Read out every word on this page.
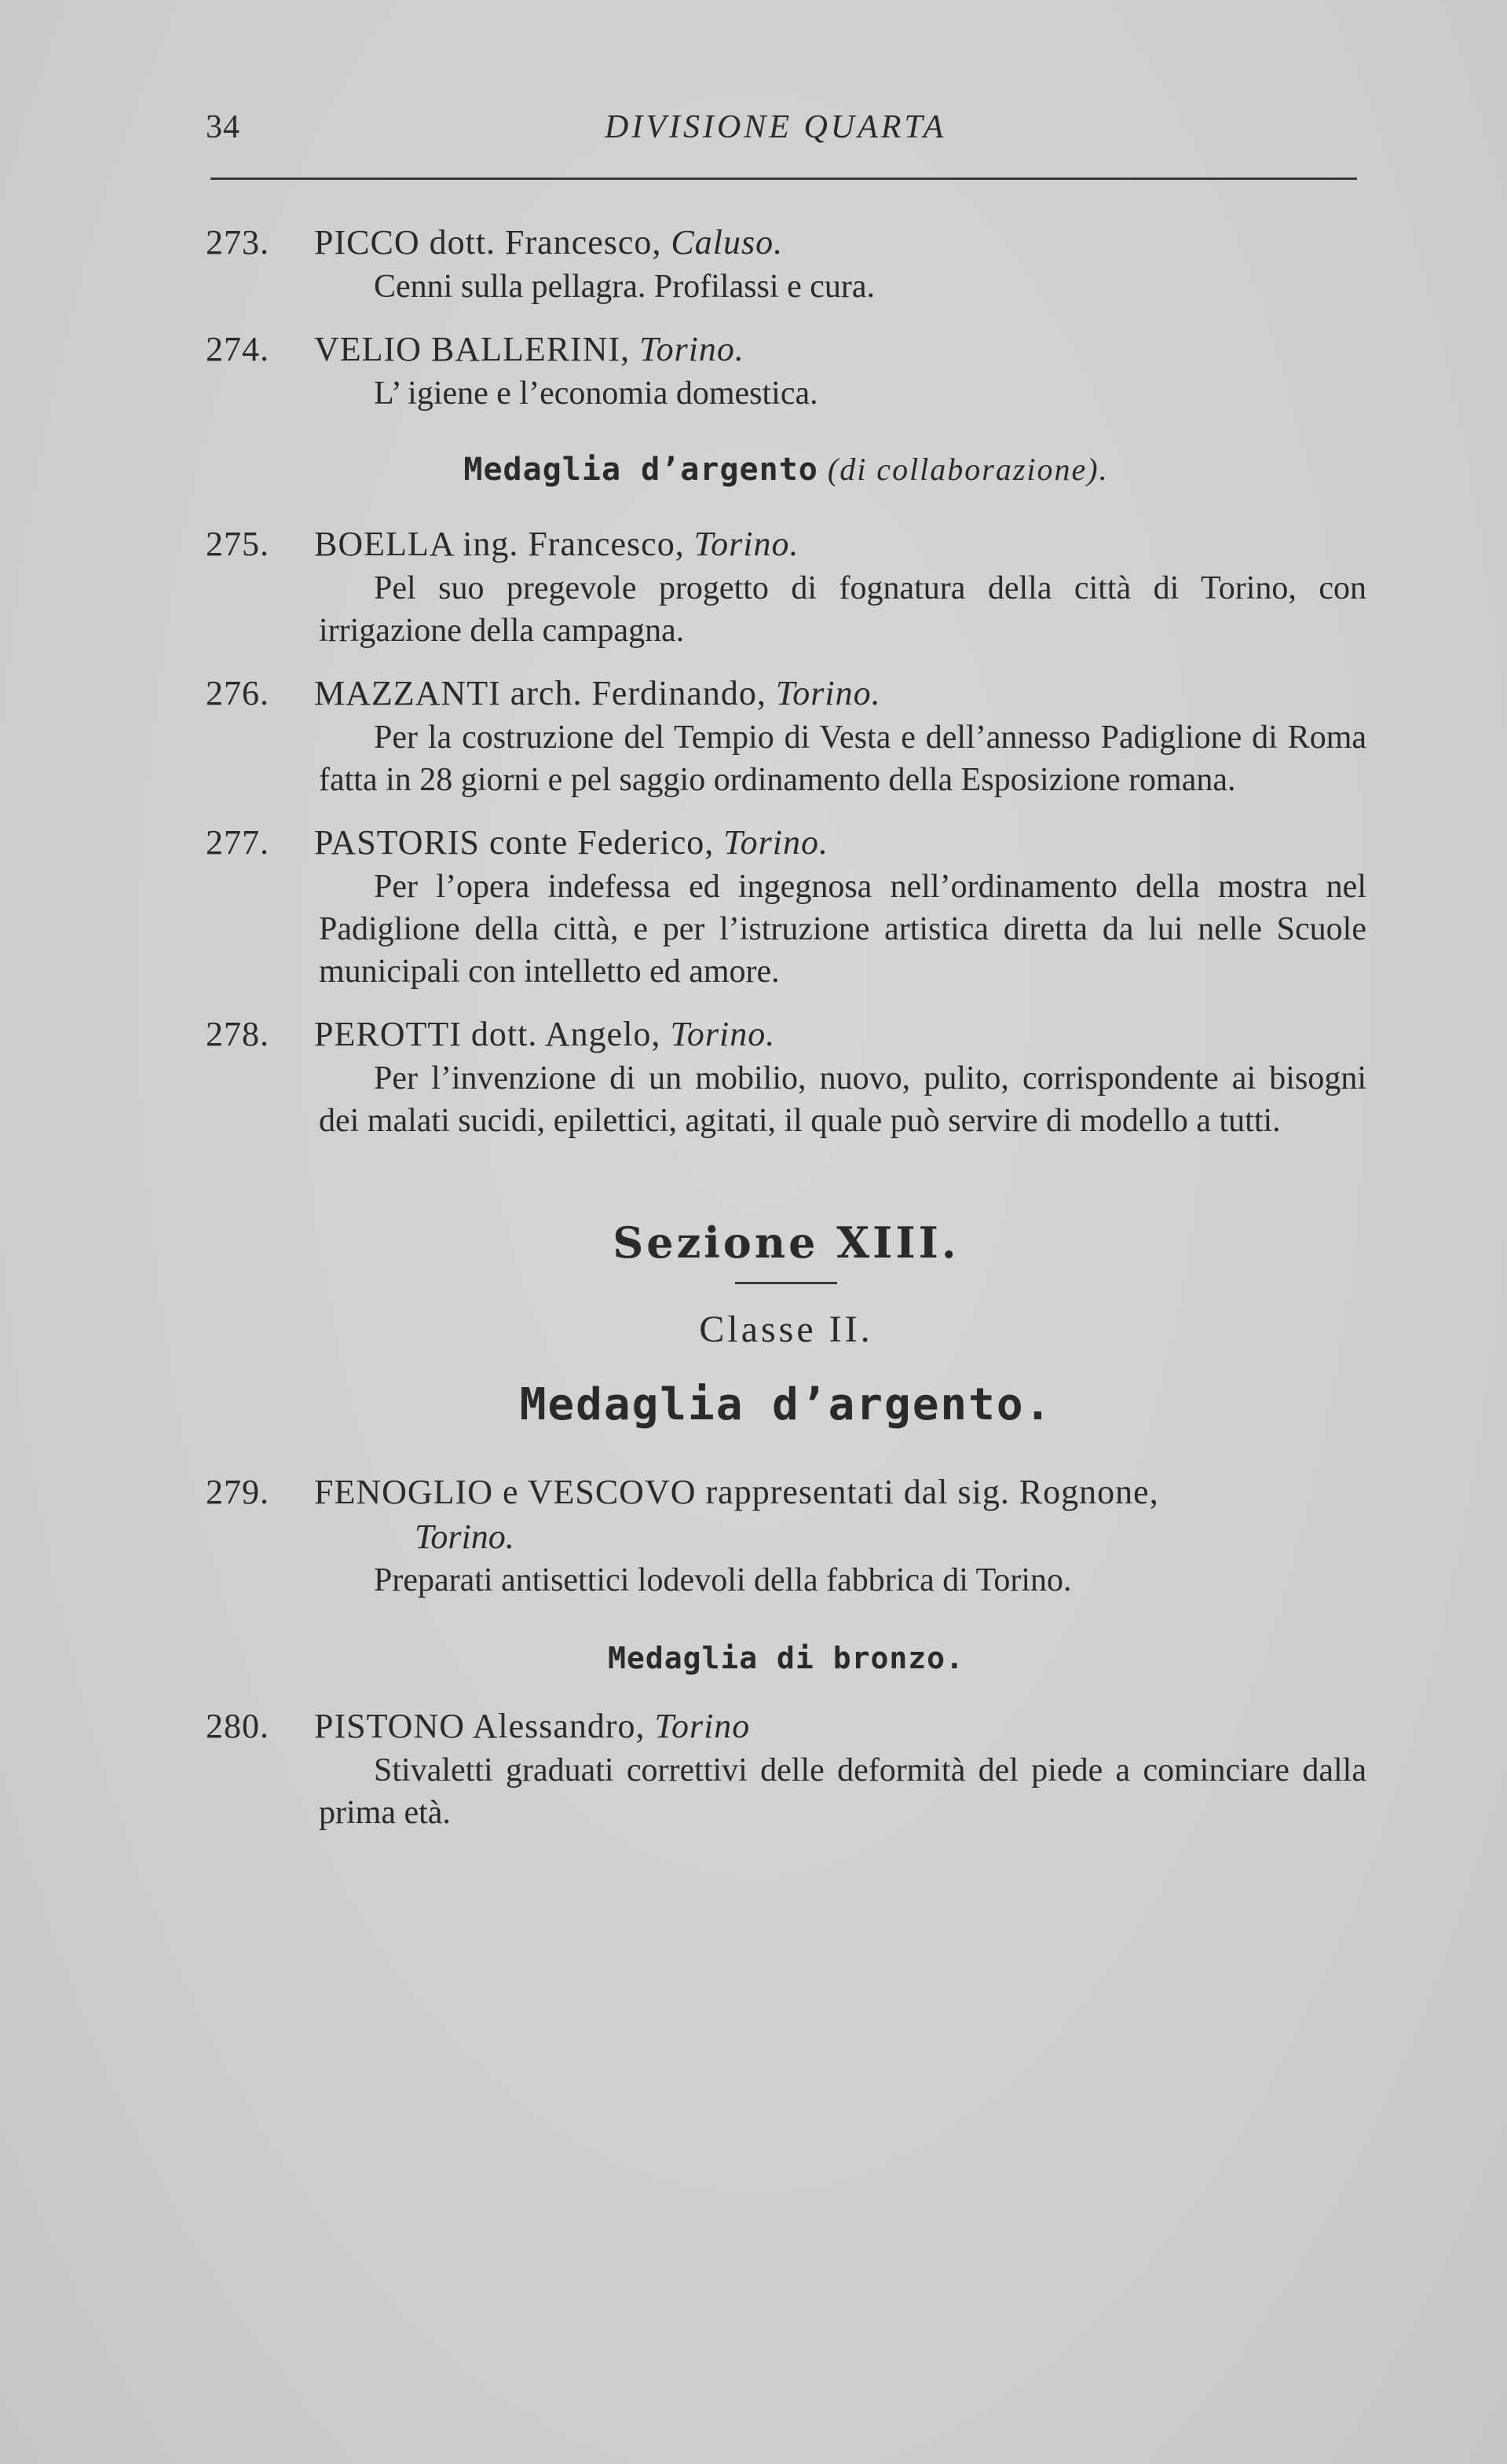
34	DIVISIONE QUARTA
273.	PICCO dott. Francesco, Caluso.
Cenni sulla pellagra. Profilassi e cura.
274.	VELIO BALLERINI, Torino.
L’ igiene e l’economia domestica.
Medaglia d’argento (di collaborazione).
275.	BOELLA ing. Francesco, Torino.
Pel suo pregevole progetto di fognatura della città di Torino, con irrigazione della campagna.
276.	MAZZANTI arch. Ferdinando, Torino.
Per la costruzione del Tempio di Vesta e dell’annesso Padiglione di Roma fatta in 28 giorni e pel saggio ordinamento della Esposizione romana.
277.	PASTORIS conte Federico, Torino.
Per l’opera indefessa ed ingegnosa nell’ordinamento della mostra nel Padiglione della città, e per l’istruzione artistica diretta da lui nelle Scuole municipali con intelletto ed amore.
278.	PEROTTI dott. Angelo, Torino.
Per l’invenzione di un mobilio, nuovo, pulito, corrispondente ai bisogni dei malati sucidi, epilettici, agitati, il quale può servire di modello a tutti.
Sezione XIII.
Classe II.
Medaglia d’argento.
279.	FENOGLIO e VESCOVO rappresentati dal sig. Rognone,
Torino.
Preparati antisettici lodevoli della fabbrica di Torino.
Medaglia di bronzo.
280.	PISTONO Alessandro, Torino
Stivaletti graduati correttivi delle deformità del piede a cominciare dalla prima età.
